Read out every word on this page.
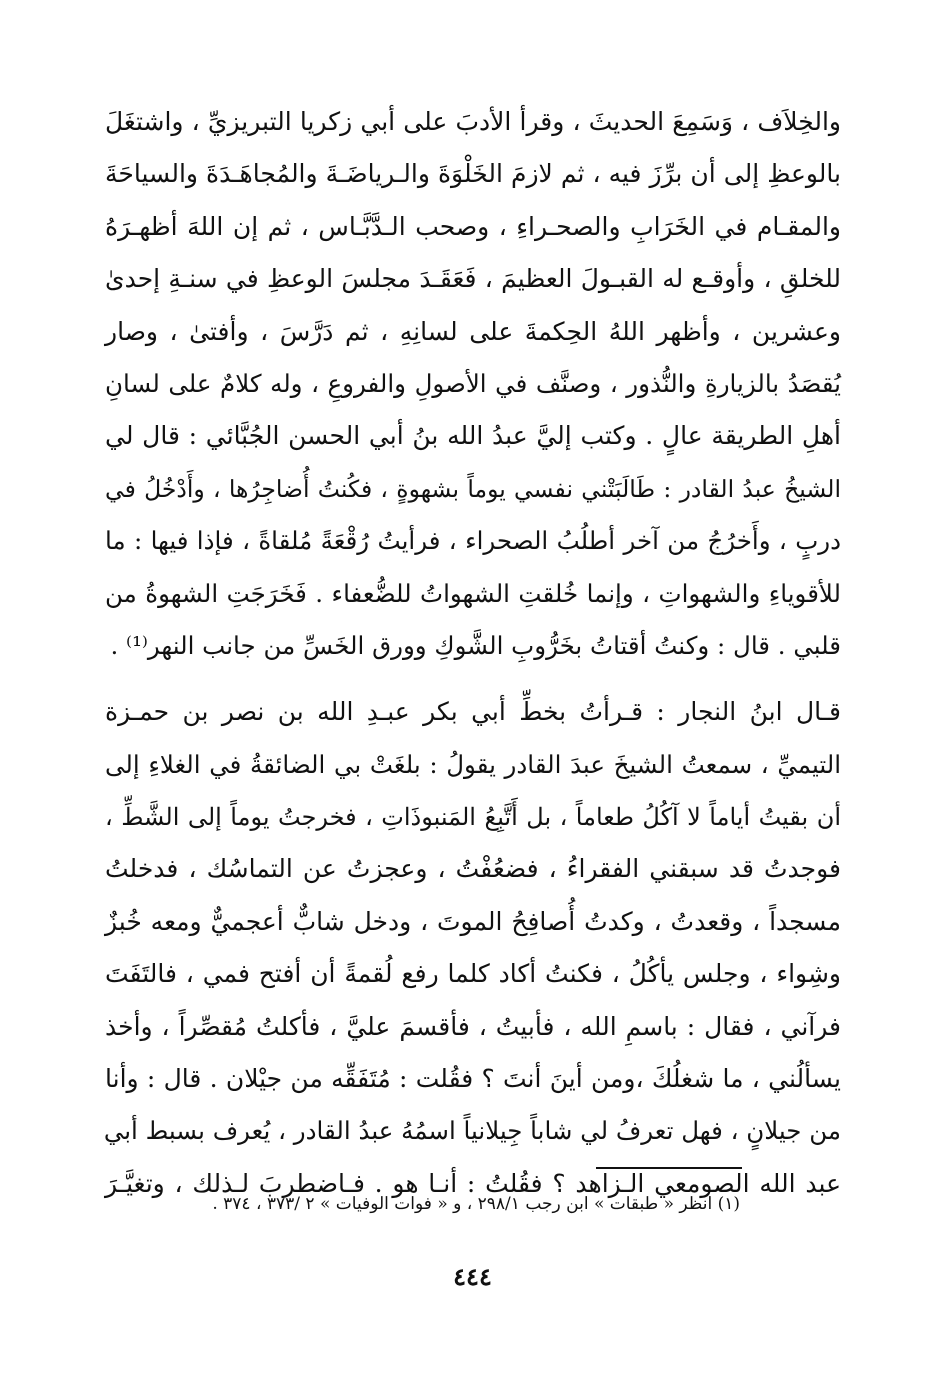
والخِلاَف ، وَسَمِعَ الحديثَ ، وقرأ الأدبَ على أبي زكريا التبريزيِّ ، واشتغَلَ
بالوعظِ إلى أن برِّزَ فيه ، ثم لازمَ الخَلْوَةَ والـرياضَـةَ والمُجاهَـدَةَ والسياحَةَ
والمقـام في الخَرَابِ والصحـراءِ ، وصحب الـدَّبَّـاس ، ثم إن اللهَ أظهـرَهُ
للخلقِ ، وأوقـع له القبـولَ العظيمَ ، فَعَقَـدَ مجلسَ الوعظِ في سنـةِ إحدىٰ
وعشرين ، وأظهر اللهُ الحِكمةَ على لسانِهِ ، ثم دَرَّسَ ، وأفتىٰ ، وصار
يُقصَدُ بالزيارةِ والنُّذور ، وصنَّف في الأصولِ والفروعِ ، وله كلامٌ على لسانِ
أهلِ الطريقة عالٍ . وكتب إليَّ عبدُ الله بنُ أبي الحسن الجُبَّائي : قال لي
الشيخُ عبدُ القادر : طَالَبَتْني نفسي يوماً بشهوةٍ ، فكُنتُ أُضاجِرُها ، وأَدْخُلُ في
دربٍ ، وأَخرُجُ من آخر أطلُبُ الصحراء ، فرأيتُ رُقْعَةً مُلقاةً ، فإذا فيها : ما
للأقوياءِ والشهواتِ ، وإنما خُلقتِ الشهواتُ للضُّعفاء . فَخَرَجَتِ الشهوةُ من
قلبي . قال : وكنتُ أقتاتُ بخَرُّوبِ الشَّوكِ وورق الخَسِّ من جانب النهر⁽¹⁾ .
قـال ابنُ النجار : قـرأتُ بخطِّ أبي بكر عبـدِ الله بن نصر بن حمـزة
التيميِّ ، سمعتُ الشيخَ عبدَ القادر يقولُ : بلغَتْ بي الضائقةُ في الغلاءِ إلى
أن بقيتُ أياماً لا آكُلُ طعاماً ، بل أَتَّبِعُ المَنبوذَاتِ ، فخرجتُ يوماً إلى الشَّطِّ ،
فوجدتُ قد سبقني الفقراءُ ، فضعُفْتُ ، وعجزتُ عن التماسُك ، فدخلتُ
مسجداً ، وقعدتُ ، وكدتُ أُصافِحُ الموتَ ، ودخل شابٌّ أعجميٌّ ومعه خُبزٌ
وشِواء ، وجلس يأكُلُ ، فكنتُ أكاد كلما رفع لُقمةً أن أفتح فمي ، فالتَفَتَ
فرآني ، فقال : باسمِ الله ، فأبيتُ ، فأقسمَ عليَّ ، فأكلتُ مُقصِّراً ، وأخذ
يسألُني ، ما شغلُكَ ،ومن أينَ أنتَ ؟ فقُلت : مُتَفَقِّه من جيْلان . قال : وأنا
من جيلانٍ ، فهل تعرفُ لي شاباً جِيلانياً اسمُهُ عبدُ القادر ، يُعرف بسبط أبي
عبد الله الصومعي الـزاهد ؟ فقُلتُ : أنـا هو . فـاضطربَ لـذلك ، وتغيَّـرَ
(١) انظر « طبقات » ابن رجب ٢٩٨/١ ، و « فوات الوفيات » ٢ /٣٧٣ ، ٣٧٤ .
٤٤٤
